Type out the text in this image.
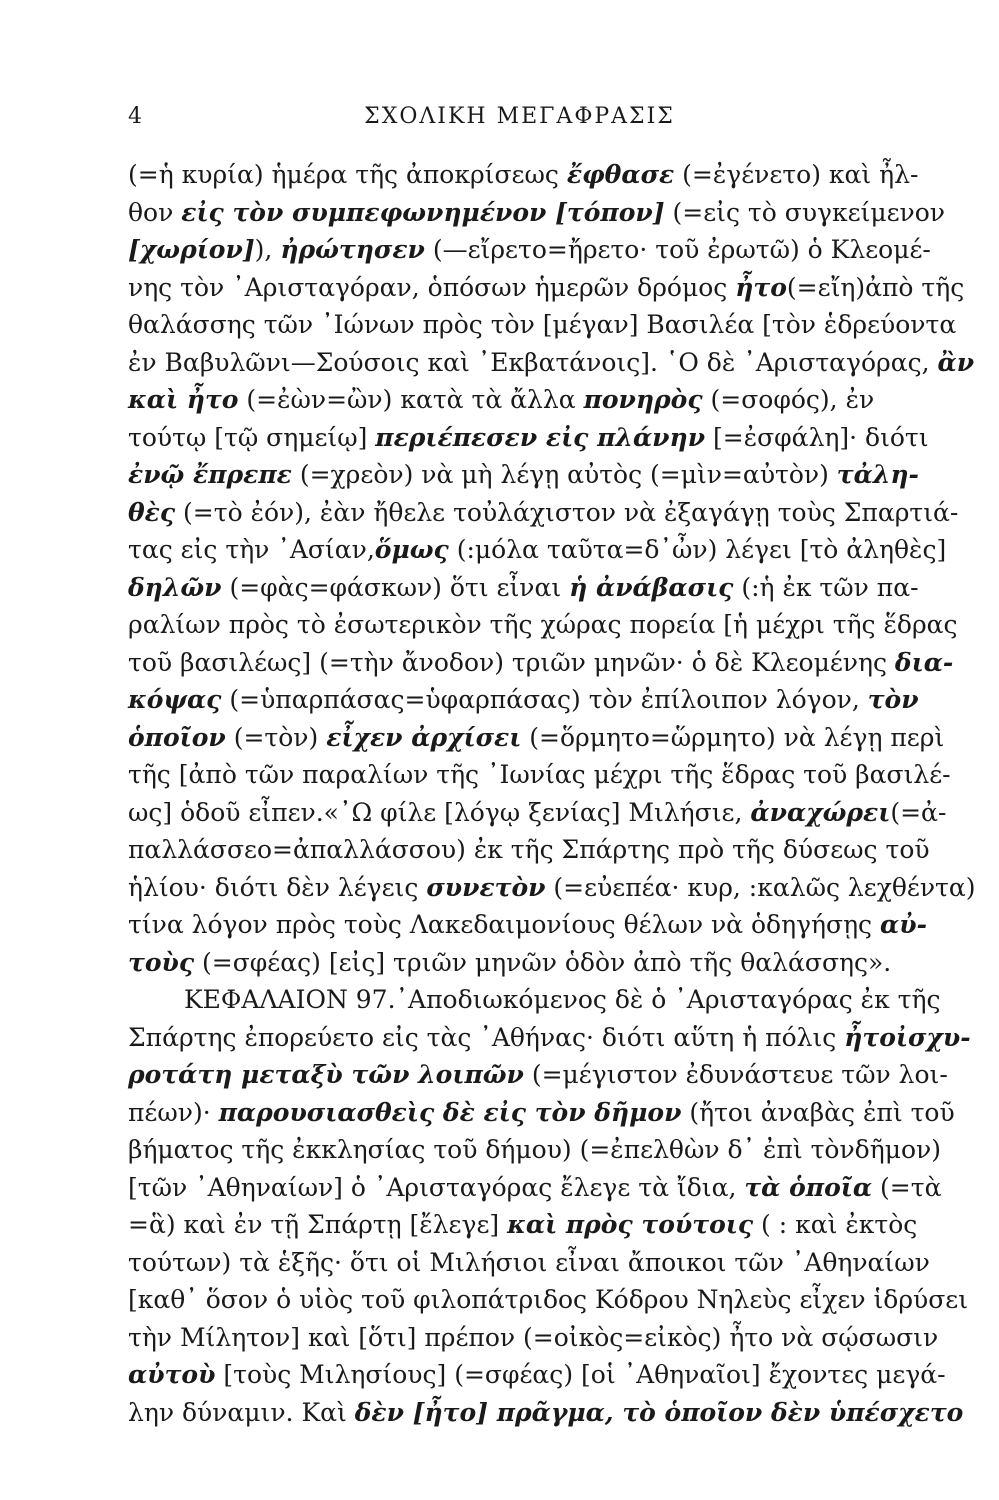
4	ΣΧΟΛΙΚΗ ΜΕΓΑΦΡΑΣΙΣ
(=ἡ κυρία) ἡμέρα τῆς ἀποκρίσεως ἔφθασε (=ἐγένετο) καὶ ἦλ-
θον εἰς τὸν συμπεφωνημένον [τόπον] (=εἰς τὸ συγκείμενον
[χωρίον]), ἠρώτησεν (—εἴρετο=ἤρετο· τοῦ ἐρωτῶ) ὁ Κλεομέ-
νης τὸν ᾿Αρισταγόραν, ὁπόσων ἡμερῶν δρόμος ἦτο(=εἴη)ἀπὸ τῆς
θαλάσσης τῶν ᾿Ιώνων πρὸς τὸν [μέγαν] Βασιλέα [τὸν ἑδρεύοντα
ἐν Βαβυλῶνι—Σούσοις καὶ ᾿Εκβατάνοις]. ῾Ο δὲ ᾿Αρισταγόρας, ἂν
καὶ ἦτο (=ἐὼν=ὢν) κατὰ τὰ ἄλλα πονηρὸς (=σοφός), ἐν
τούτῳ [τῷ σημείῳ] περιέπεσεν εἰς πλάνην [=ἐσφάλη]· διότι
ἐνῷ ἔπρεπε (=χρεὸν) νὰ μὴ λέγῃ αὐτὸς (=μὶν=αὐτὸν) τἀλη-
θὲς (=τὸ ἐόν), ἐὰν ἤθελε τοὐλάχιστον νὰ ἐξαγάγῃ τοὺς Σπαρτιά-
τας εἰς τὴν ᾿Ασίαν,ὅμως (:μόλα ταῦτα=δ᾿ὦν) λέγει [τὸ ἀληθὲς]
δηλῶν (=φὰς=φάσκων) ὅτι εἶναι ἡ ἀνάβασις (:ἡ ἐκ τῶν πα-
ραλίων πρὸς τὸ ἐσωτερικὸν τῆς χώρας πορεία [ἡ μέχρι τῆς ἕδρας
τοῦ βασιλέως] (=τὴν ἄνοδον) τριῶν μηνῶν· ὁ δὲ Κλεομένης δια-
κόψας (=ὑπαρπάσας=ὑφαρπάσας) τὸν ἐπίλοιπον λόγον, τὸν
ὁποῖον (=τὸν) εἶχεν ἀρχίσει (=ὅρμητο=ὥρμητο) νὰ λέγῃ περὶ
τῆς [ἀπὸ τῶν παραλίων τῆς ᾿Ιωνίας μέχρι τῆς ἕδρας τοῦ βασιλέ-
ως] ὁδοῦ εἶπεν.«᾿Ω φίλε [λόγῳ ξενίας] Μιλήσιε, ἀναχώρει(=ἀ-
παλλάσσεο=ἀπαλλάσσου) ἐκ τῆς Σπάρτης πρὸ τῆς δύσεως τοῦ
ἡλίου· διότι δὲν λέγεις συνετὸν (=εὐεπέα· κυρ, :καλῶς λεχθέντα)
τίνα λόγον πρὸς τοὺς Λακεδαιμονίους θέλων νὰ ὁδηγήσῃς αὐ-
τοὺς (=σφέας) [εἰς] τριῶν μηνῶν ὁδὸν ἀπὸ τῆς θαλάσσης».
ΚΕΦΑΛΑΙΟΝ 97.᾿Αποδιωκόμενος δὲ ὁ ᾿Αρισταγόρας ἐκ τῆς
Σπάρτης ἐπορεύετο εἰς τὰς ᾿Αθήνας· διότι αὕτη ἡ πόλις ἦτοἰσχυ-
ροτάτη μεταξὺ τῶν λοιπῶν (=μέγιστον ἐδυνάστευε τῶν λοι-
πέων)· παρουσιασθεὶς δὲ εἰς τὸν δῆμον (ἤτοι ἀναβὰς ἐπὶ τοῦ
βήματος τῆς ἐκκλησίας τοῦ δήμου) (=ἐπελθὼν δ᾿ ἐπὶ τὸνδῆμον)
[τῶν ᾿Αθηναίων] ὁ ᾿Αρισταγόρας ἔλεγε τὰ ἴδια, τὰ ὁποῖα (=τὰ
=ἃ) καὶ ἐν τῇ Σπάρτῃ [ἔλεγε] καὶ πρὸς τούτοις ( : καὶ ἐκτὸς
τούτων) τὰ ἑξῆς· ὅτι οἱ Μιλήσιοι εἶναι ἄποικοι τῶν ᾿Αθηναίων
[καθ᾿ ὅσον ὁ υἱὸς τοῦ φιλοπάτριδος Κόδρου Νηλεὺς εἶχεν ἱδρύσει
τὴν Μίλητον] καὶ [ὅτι] πρέπον (=οἰκὸς=εἰκὸς) ἦτο νὰ σῴσωσιν
αὐτοὺ [τοὺς Μιλησίους] (=σφέας) [οἱ ᾿Αθηναῖοι] ἔχοντες μεγά-
λην δύναμιν. Καὶ δὲν [ἦτο] πρᾶγμα, τὸ ὁποῖον δὲν ὑπέσχετο
